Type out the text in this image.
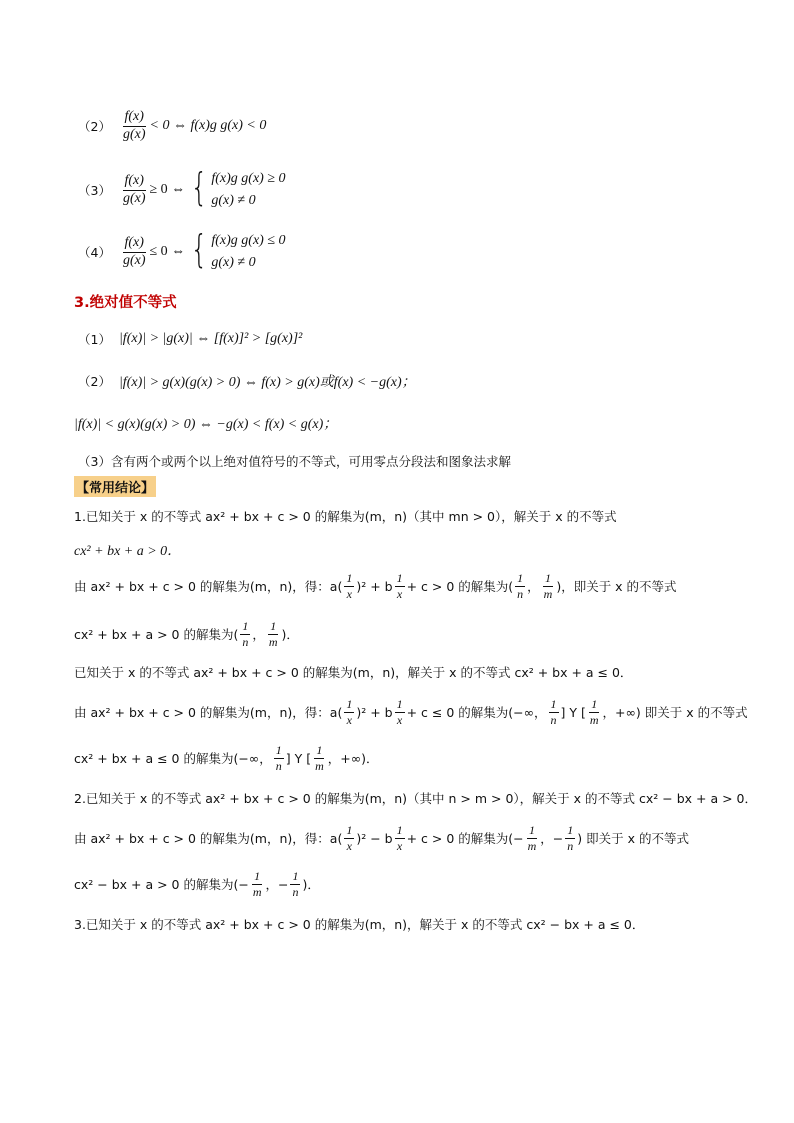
$(2) \frac{f(x)}{g(x)} < 0$ ⇔ f(x)g g(x) < 0
$(3) \frac{f(x)}{g(x)} \ge 0$ ⇔ { f(x)g g(x) ≥ 0
g(x) ≠ 0
$(4) \frac{f(x)}{g(x)} \le 0$ ⇔ { f(x)g g(x) ≤ 0
g(x) ≠ 0
3.绝对值不等式
（1） |f(x)| > |g(x)| ⇔ [f(x)]² > [g(x)]²
（2） |f(x)| > g(x)(g(x) > 0) ⇔ f(x) > g(x)或f(x) < −g(x)；
|f(x)| < g(x)(g(x) > 0) ⇔ −g(x) < f(x) < g(x)；
（3）含有两个或两个以上绝对值符号的不等式，可用零点分段法和图象法求解
【常用结论】
1.已知关于 x 的不等式 ax² + bx + c > 0 的解集为(m，n)（其中 mn > 0），解关于 x 的不等式
cx² + bx + a > 0．
由 ax² + bx + c > 0 的解集为(m，n)，得：$a( \frac{1}{x} )^2 + b \frac{1}{x} + c > 0$ 的解集为( $\frac{1}{n}$ ， $\frac{1}{m}$ )，即关于 x 的不等式
cx² + bx + a > 0 的解集为( $\frac{1}{n}$ ， $\frac{1}{m}$ )．
已知关于 x 的不等式 ax² + bx + c > 0 的解集为(m，n)，解关于 x 的不等式 cx² + bx + a ≤ 0．
由 ax² + bx + c > 0 的解集为(m，n)，得：$a( \frac{1}{x} )^2 + b \frac{1}{x} + c \le 0$ 的解集为(−∞， $\frac{1}{n}$ ] Y [ $\frac{1}{m}$ ，+∞) 即关于 x 的不等式
cx² + bx + a ≤ 0 的解集为(−∞， $\frac{1}{n}$ ] Y [ $\frac{1}{m}$ ，+∞)．
2.已知关于 x 的不等式 ax² + bx + c > 0 的解集为(m，n)（其中 n > m > 0），解关于 x 的不等式 cx² − bx + a > 0．
由 ax² + bx + c > 0 的解集为(m，n)，得：$a( \frac{1}{x} )^2 - b \frac{1}{x} + c > 0$ 的解集为(− $\frac{1}{m}$ ，− $\frac{1}{n}$ ) 即关于 x 的不等式
cx² − bx + a > 0 的解集为(− $\frac{1}{m}$ ，− $\frac{1}{n}$ )．
3.已知关于 x 的不等式 ax² + bx + c > 0 的解集为(m，n)，解关于 x 的不等式 cx² − bx + a ≤ 0．
